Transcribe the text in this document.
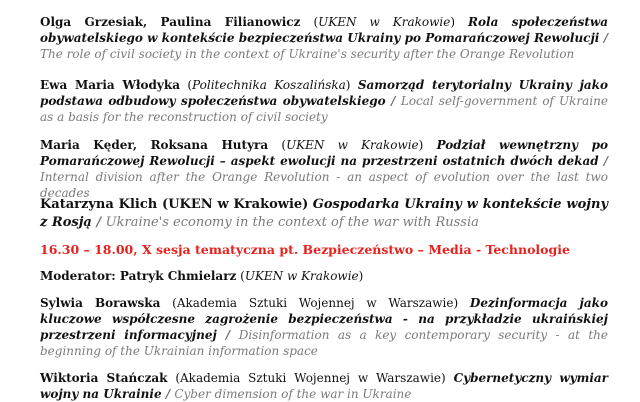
Olga Grzesiak, Paulina Filianowicz (UKEN w Krakowie) Rola społeczeństwa obywatelskiego w kontekście bezpieczeństwa Ukrainy po Pomarańczowej Rewolucji / The role of civil society in the context of Ukraine's security after the Orange Revolution
Ewa Maria Włodyka (Politechnika Koszalińska) Samorząd terytorialny Ukrainy jako podstawa odbudowy społeczeństwa obywatelskiego / Local self-government of Ukraine as a basis for the reconstruction of civil society
Maria Kęder, Roksana Hutyra (UKEN w Krakowie) Podział wewnętrzny po Pomarańczowej Rewolucji – aspekt ewolucji na przestrzeni ostatnich dwóch dekad / Internal division after the Orange Revolution - an aspect of evolution over the last two decades
Katarzyna Klich (UKEN w Krakowie) Gospodarka Ukrainy w kontekście wojny z Rosją / Ukraine's economy in the context of the war with Russia
16.30 – 18.00, X sesja tematyczna pt. Bezpieczeństwo – Media - Technologie
Moderator: Patryk Chmielarz (UKEN w Krakowie)
Sylwia Borawska (Akademia Sztuki Wojennej w Warszawie) Dezinformacja jako kluczowe współczesne zagrożenie bezpieczeństwa - na przykładzie ukraińskiej przestrzeni informacyjnej / Disinformation as a key contemporary security - at the beginning of the Ukrainian information space
Wiktoria Stańczak (Akademia Sztuki Wojennej w Warszawie) Cybernetyczny wymiar wojny na Ukrainie / Cyber dimension of the war in Ukraine
